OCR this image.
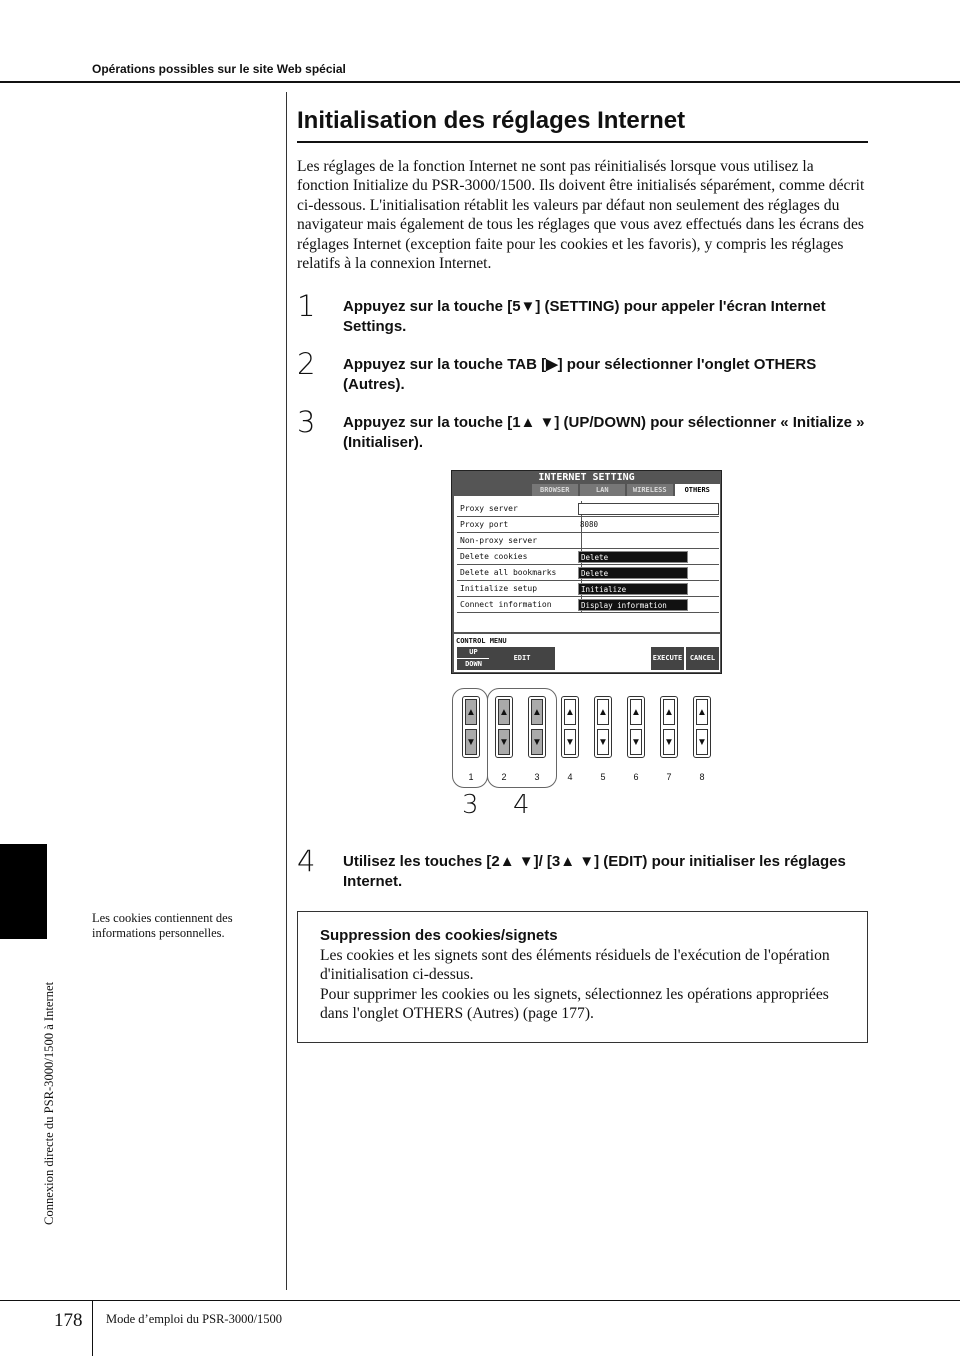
Opérations possibles sur le site Web spécial
Initialisation des réglages Internet

Les réglages de la fonction Internet ne sont pas réinitialisés lorsque vous utilisez la fonction Initialize du PSR-3000/1500. Ils doivent être initialisés séparément, comme décrit ci-dessous. L'initialisation rétablit les valeurs par défaut non seulement des réglages du navigateur mais également de tous les réglages que vous avez effectués dans les écrans des réglages Internet (exception faite pour les cookies et les favoris), y compris les réglages relatifs à la connexion Internet.

1 Appuyez sur la touche [5▼] (SETTING) pour appeler l'écran Internet Settings.
2 Appuyez sur la touche TAB [▶] pour sélectionner l'onglet OTHERS (Autres).
3 Appuyez sur la touche [1▲ ▼] (UP/DOWN) pour sélectionner « Initialize » (Initialiser).
INTERNET SETTING
BROWSER	LAN	WIRELESS	OTHERS
Proxy server
Proxy port	8080
Non-proxy server
Delete cookies	Delete
Delete all bookmarks	Delete
Initialize setup	Initialize
Connect information	Display information
CONTROL MENU
UP
DOWN
EDIT	EXECUTE	CANCEL
▲
▼
▲
▼
▲
▼
▲
▼
▲
▼
▲
▼
▲
▼
▲
▼
1	2	3	4	5	6	7	8
3 4
4 Utilisez les touches [2▲ ▼]/ [3▲ ▼] (EDIT) pour initialiser les réglages Internet.
Connexion directe du PSR-3000/1500 à Internet

Les cookies contiennent des informations personnelles.	Suppression des cookies/signets
Les cookies et les signets sont des éléments résiduels de l'exécution de l'opération d'initialisation ci-dessus.
Pour supprimer les cookies ou les signets, sélectionnez les opérations appropriées dans l'onglet OTHERS (Autres) (page 177).
178 Mode d’emploi du PSR-3000/1500
